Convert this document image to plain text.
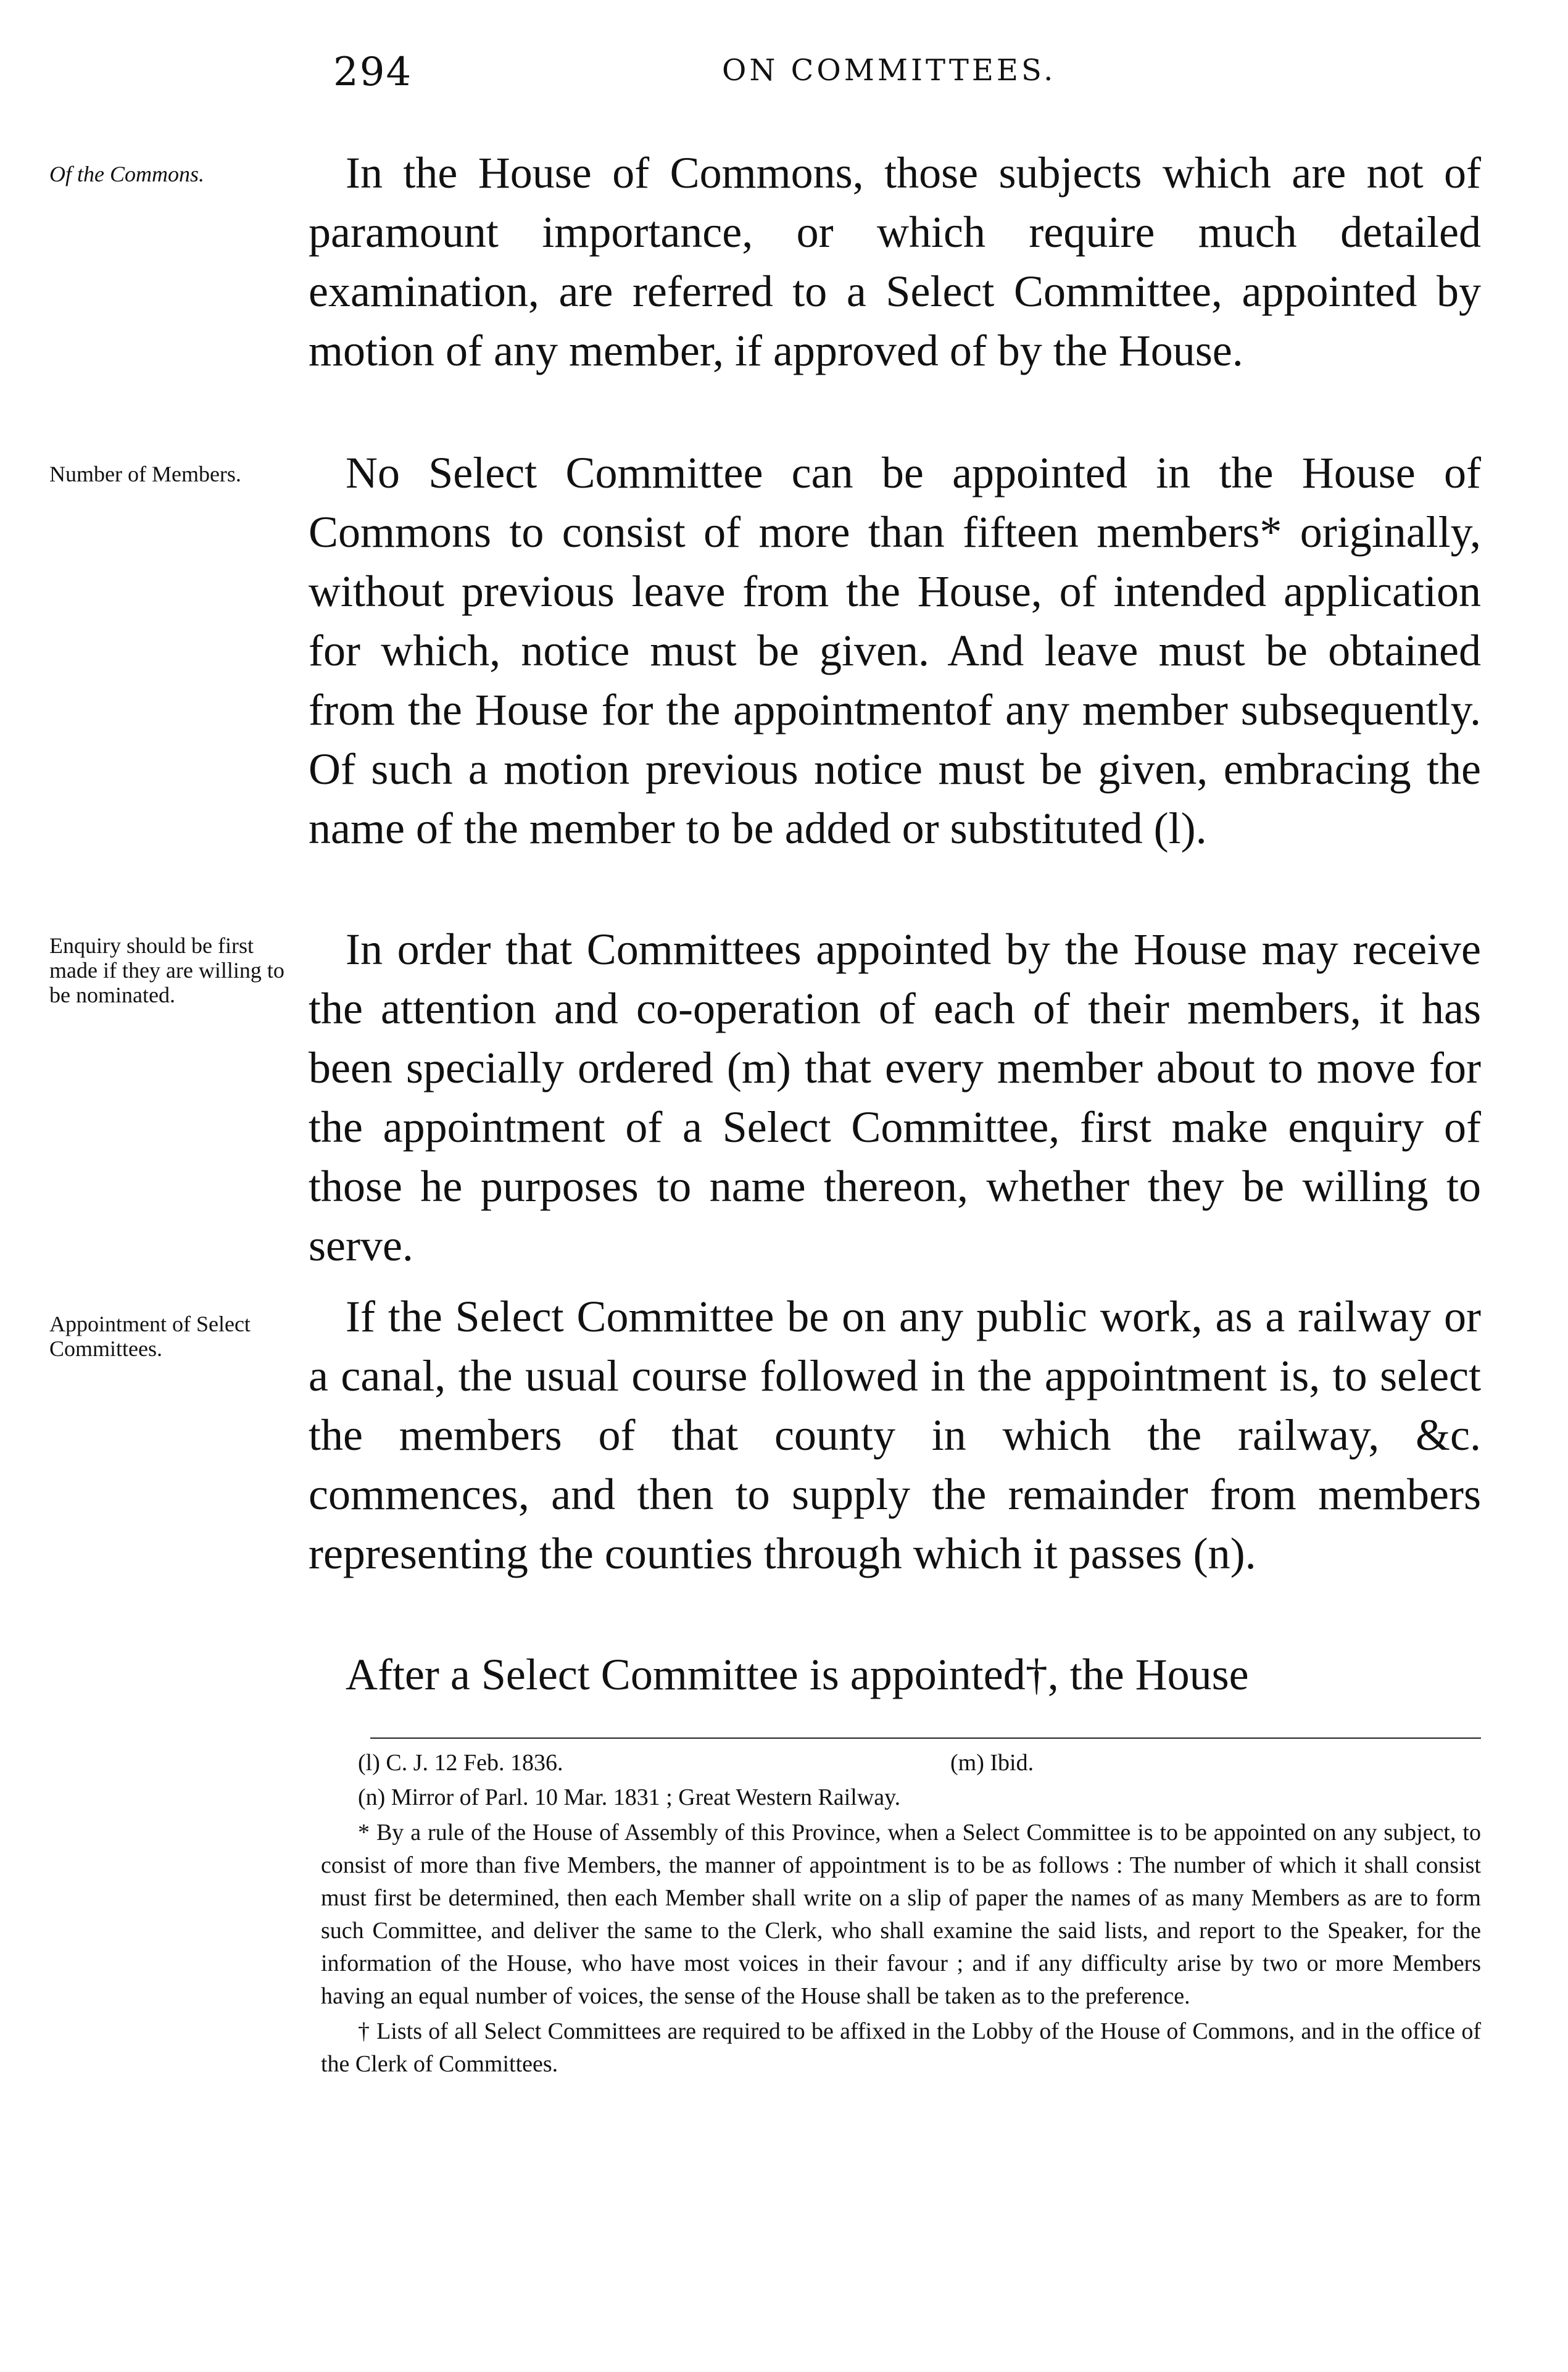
294	ON COMMITTEES.
Of the Commons.
Number of Members.
Enquiry should be first made if they are willing to be nominated.
Appointment of Select Committees.

In the House of Commons, those subjects which are not of paramount importance, or which require much detailed examination, are referred to a Select Committee, appointed by motion of any member, if approved of by the House.

No Select Committee can be appointed in the House of Commons to consist of more than fifteen members* originally, without previous leave from the House, of intended application for which, notice must be given. And leave must be obtained from the House for the appointmentof any member subsequently. Of such a motion previous notice must be given, embracing the name of the member to be added or substituted (l).

In order that Committees appointed by the House may receive the attention and co-operation of each of their members, it has been specially ordered (m) that every member about to move for the appointment of a Select Committee, first make enquiry of those he purposes to name thereon, whether they be willing to serve.

If the Select Committee be on any public work, as a railway or a canal, the usual course followed in the appointment is, to select the members of that county in which the railway, &c. commences, and then to supply the remainder from members representing the counties through which it passes (n).

After a Select Committee is appointed†, the House

(l) C. J. 12 Feb. 1836.	(m) Ibid.
(n) Mirror of Parl. 10 Mar. 1831 ; Great Western Railway.

* By a rule of the House of Assembly of this Province, when a Select Committee is to be appointed on any subject, to consist of more than five Members, the manner of appointment is to be as follows : The number of which it shall consist must first be determined, then each Member shall write on a slip of paper the names of as many Members as are to form such Committee, and deliver the same to the Clerk, who shall examine the said lists, and report to the Speaker, for the information of the House, who have most voices in their favour ; and if any difficulty arise by two or more Members having an equal number of voices, the sense of the House shall be taken as to the preference.

† Lists of all Select Committees are required to be affixed in the Lobby of the House of Commons, and in the office of the Clerk of Committees.
